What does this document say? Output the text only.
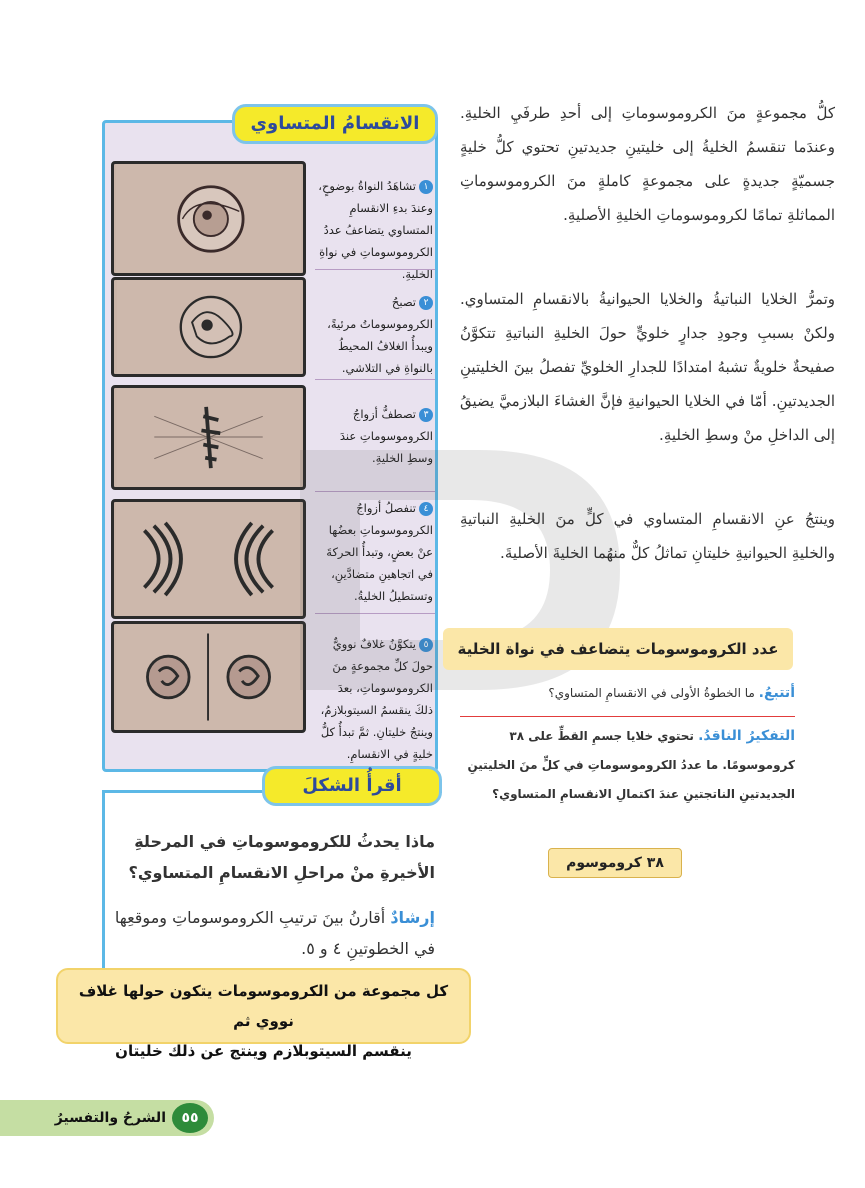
١تشاهَدُ النواةُ بوضوحٍ، وعندَ بدءِ الانقسامِ المتساوي يتضاعفُ عددُ الكروموسوماتِ في نواةِ الخليةِ.
٢تصبحُ الكروموسوماتُ مرئيةً، ويبدأُ الغلافُ المحيطُ بالنواةِ في التلاشي.
٣تصطفُّ أزواجُ الكروموسوماتِ عندَ وسطِ الخليةِ.
٤تنفصلُ أزواجُ الكروموسوماتِ بعضُها عنْ بعضٍ، وتبدأُ الحركةَ في اتجاهينِ متضادَّينِ، وتستطيلُ الخليةُ.
٥يتكوَّنُ غلافٌ نوويٌّ حولَ كلِّ مجموعةٍ منَ الكروموسوماتِ، بعدَ ذلكَ ينقسمُ السيتوبلازمُ، وينتجُ خليتانِ. ثمَّ تبدأُ كلُّ خليةٍ في الانقسامِ.
الانقسامُ المتساوي
أقرأُ الشكلَ
ماذا يحدثُ للكروموسوماتِ في المرحلةِ الأخيرةِ منْ مراحلِ الانقسامِ المتساوي؟
إرشادٌ أقارنُ بينَ ترتيبِ الكروموسوماتِ وموقعِها في الخطوتينِ ٤ و ٥.
كل مجموعة من الكروموسومات يتكون حولها غلاف نووي ثم
ينقسم السيتوبلازم وينتج عن ذلك خليتان
كلُّ مجموعةٍ منَ الكروموسوماتِ إلى أحدِ طرفَيِ الخليةِ. وعندَما تنقسمُ الخليةُ إلى خليتينِ جديدتينِ تحتوي كلُّ خليةٍ جسميّةٍ جديدةٍ على مجموعةٍ كاملةٍ منَ الكروموسوماتِ المماثلةِ تمامًا لكروموسوماتِ الخليةِ الأصليةِ.
وتمرُّ الخلايا النباتيةُ والخلايا الحيوانيةُ بالانقسامِ المتساوي. ولكنْ بسببِ وجودِ جدارٍ خلويٍّ حولَ الخليةِ النباتيةِ تتكوَّنُ صفيحةٌ خلويةٌ تشبهُ امتدادًا للجدارِ الخلويِّ تفصلُ بينَ الخليتينِ الجديدتينِ. أمّا في الخلايا الحيوانيةِ فإنَّ الغشاءَ البلازميَّ يضيقُ إلى الداخلِ منْ وسطِ الخليةِ.
وينتجُ عنِ الانقسامِ المتساوي في كلٍّ منَ الخليةِ النباتيةِ والخليةِ الحيوانيةِ خليتانِ تماثلُ كلٌّ منهُما الخليةَ الأصليةَ.
عدد الكروموسومات يتضاعف في نواة الخلية
أتتبعُ. ما الخطوةُ الأولى في الانقسامِ المتساوي؟
التفكيرُ الناقدُ. تحتوي خلايا جسمِ القطِّ على ٣٨ كروموسومًا. ما عددُ الكروموسوماتِ في كلٍّ منَ الخليتينِ الجديدتينِ الناتجتينِ عندَ اكتمالِ الانقسامِ المتساوي؟
٣٨ كروموسوم
٥٥
الشرحُ والتفسيرُ
